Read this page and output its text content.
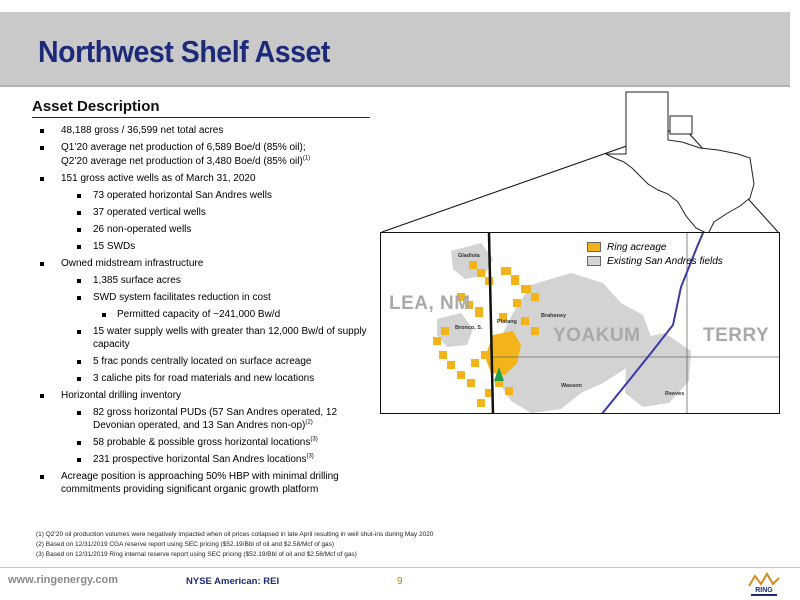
Northwest Shelf Asset
Asset Description
48,188 gross / 36,599 net total acres
Q1’20 average net production of 6,589 Boe/d (85% oil);
Q2’20 average net production of 3,480 Boe/d (85% oil)$^{(1)}$
151 gross active wells as of March 31, 2020
73 operated horizontal San Andres wells
37 operated vertical wells
26 non-operated wells
15 SWDs
Owned midstream infrastructure
1,385 surface acres
SWD system facilitates reduction in cost
Permitted capacity of ~241,000 Bw/d
15 water supply wells with greater than 12,000 Bw/d of supply capacity
5 frac ponds centrally located on surface acreage
3 caliche pits for road materials and new locations
Horizontal drilling inventory
82 gross horizontal PUDs (57 San Andres operated, 12 Devonian operated, and 13 San Andres non-op)$^{(2)}$
58 probable & possible gross horizontal locations$^{(3)}$
231 prospective horizontal San Andres locations$^{(3)}$
Acreage position is approaching 50% HBP with minimal drilling commitments providing significant organic growth platform
Ring acreage
Existing San Andres fields
LEA, NM
YOAKUM	TERRY
Gladiola
Bronco, S.
Platang
Brahaney
Wasson
Reeves
(1) Q2’20 oil production volumes were negatively impacted when oil prices collapsed in late April resulting in well shut-ins during May 2020
(2) Based on 12/31/2019 CGA reserve report using SEC pricing ($52.19/Bbl of oil and $2.58/Mcf of gas)
(3) Based on 12/31/2019 Ring internal reserve report using SEC pricing ($52.19/Bbl of oil and $2.58/Mcf of gas)
www.ringenergy.com	NYSE American: REI	9
RING
